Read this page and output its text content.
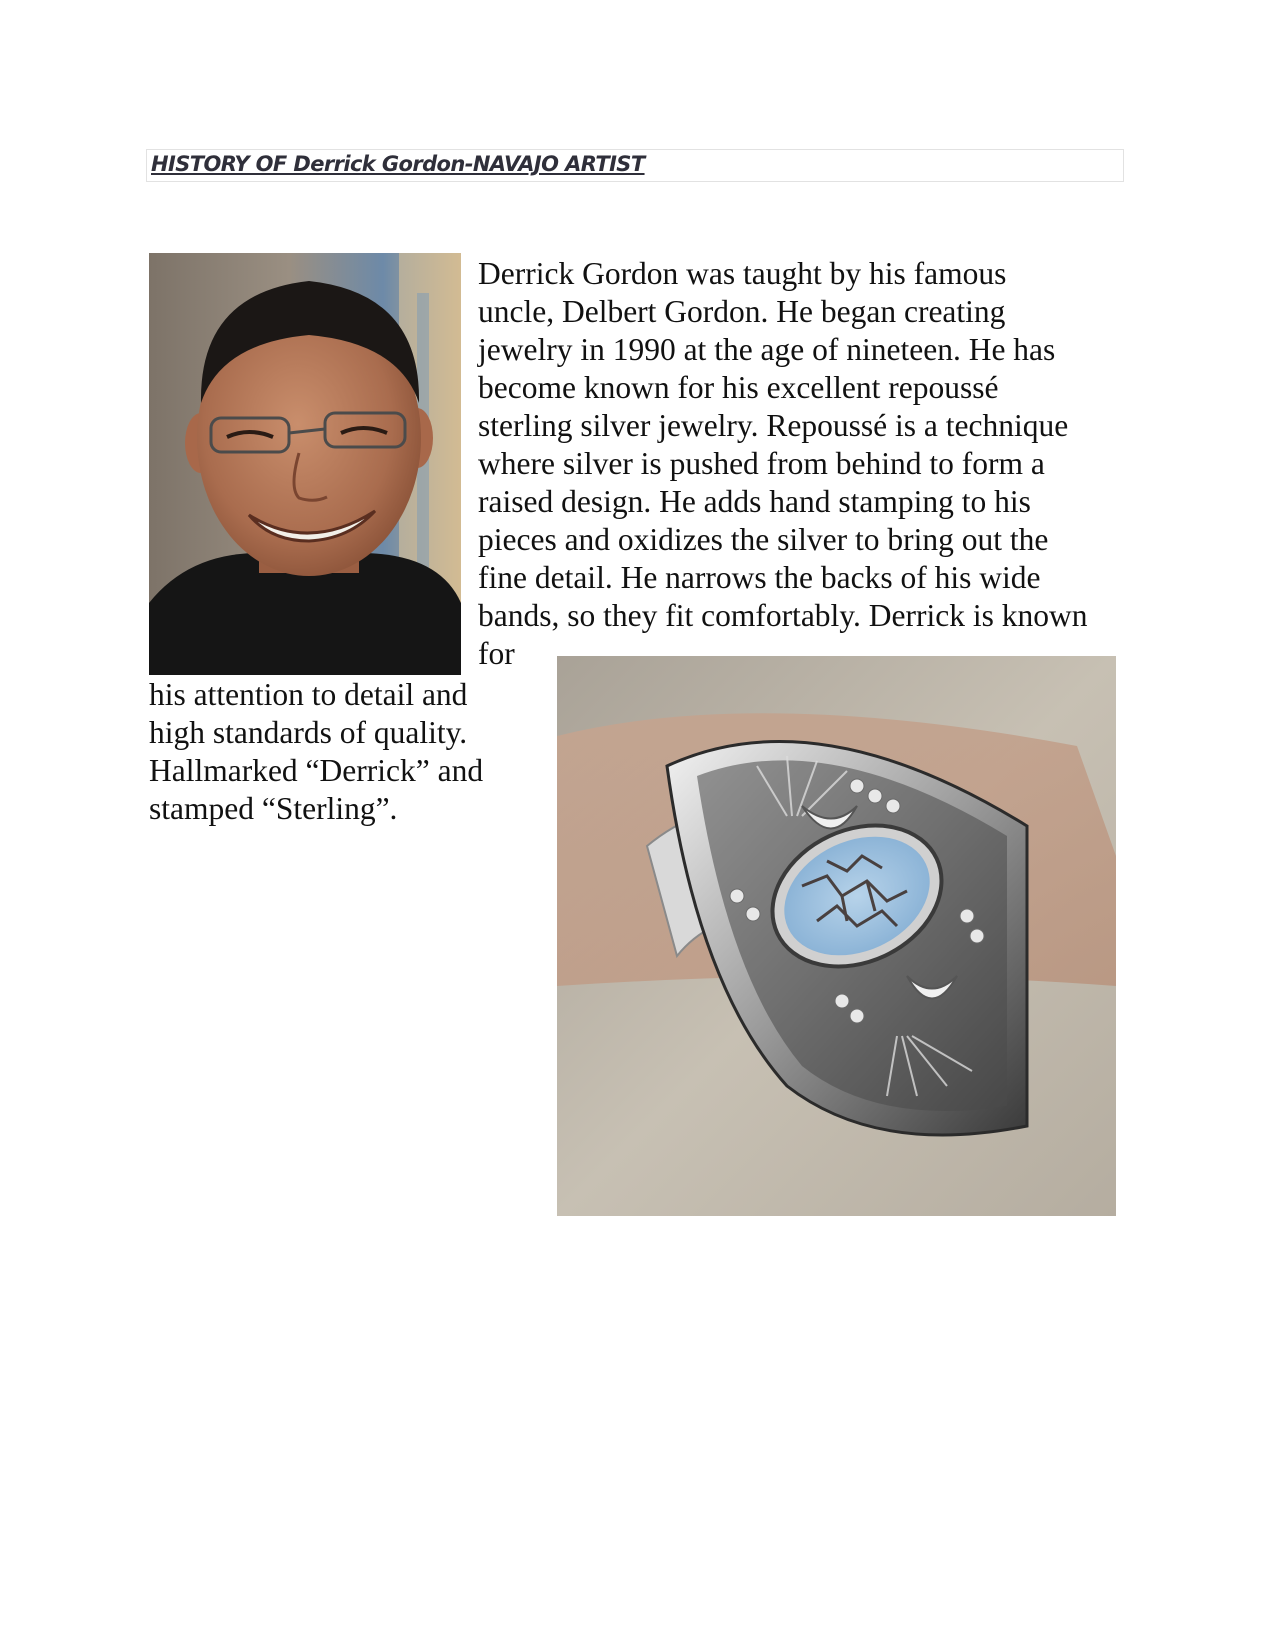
HISTORY OF Derrick Gordon-NAVAJO ARTIST
Derrick Gordon was taught by his famous
uncle, Delbert Gordon. He began creating
jewelry in 1990 at the age of nineteen. He has
become known for his excellent repoussé
sterling silver jewelry. Repoussé is a technique
where silver is pushed from behind to form a
raised design. He adds hand stamping to his
pieces and oxidizes the silver to bring out the
fine detail. He narrows the backs of his wide
bands, so they fit comfortably. Derrick is known
for
his attention to detail and
high standards of quality.
Hallmarked “Derrick” and
stamped “Sterling”.
